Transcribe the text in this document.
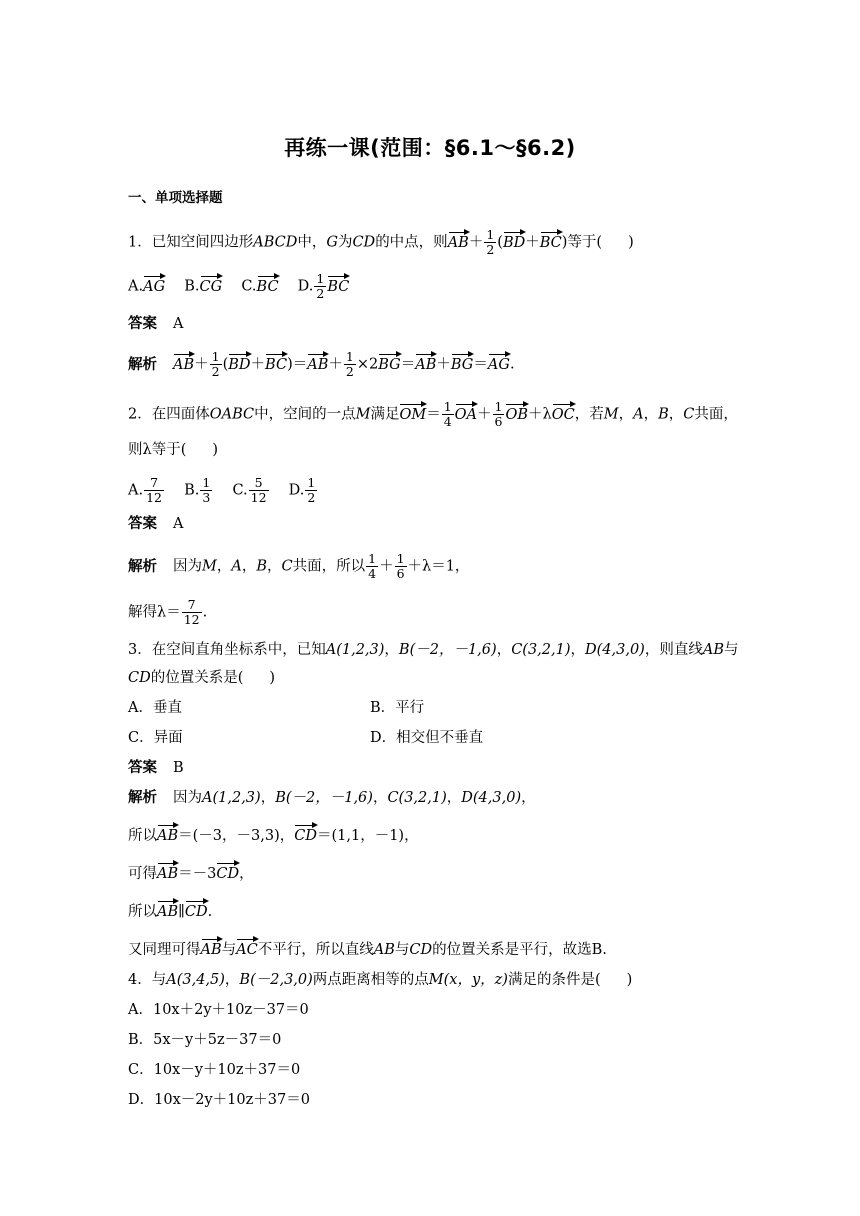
再练一课(范围：§6.1～§6.2)
一、单项选择题
1．已知空间四边形ABCD中，G为CD的中点，则$AB+ \frac{1}{2} (BD+BC)$等于( )
A.AG　 B.CG　 C.BC　 D. $\frac{1}{2}$ BC
答案 A
解析 $AB+ \frac{1}{2} (BD+BC)=AB+ \frac{1}{2} \times 2BG=AB+BG=AG$.
2．在四面体OABC中，空间的一点M满足$OM= \frac{1}{4} OA+ \frac{1}{6} OB+\lambda OC$，若M，A，B，C共面，
则λ等于( )
A. $\frac{7}{12}$
　 B. $\frac{1}{3}$
　 C. $\frac{5}{12}$
　 D. $\frac{1}{2}$
答案 A
解析 因为M，A，B，C共面，所以 $\frac{1}{4} + \frac{1}{6} +\lambda=1$，
解得$\lambda= \frac{7}{12}$ .
3．在空间直角坐标系中，已知A(1,2,3)，B(－2，－1,6)，C(3,2,1)，D(4,3,0)，则直线AB与
CD的位置关系是( )
A．垂直	B．平行
C．异面	D．相交但不垂直
答案 B
解析 因为A(1,2,3)，B(－2，－1,6)，C(3,2,1)，D(4,3,0)，
所以AB＝(－3，－3,3)，CD＝(1,1，－1)，
可得AB＝－3CD，
所以AB∥CD.
又同理可得AB与AC不平行，所以直线AB与CD的位置关系是平行，故选B.
4．与A(3,4,5)，B(－2,3,0)两点距离相等的点M(x，y，z)满足的条件是( )
A．10x＋2y＋10z－37＝0
B．5x－y＋5z－37＝0
C．10x－y＋10z＋37＝0
D．10x－2y＋10z＋37＝0
